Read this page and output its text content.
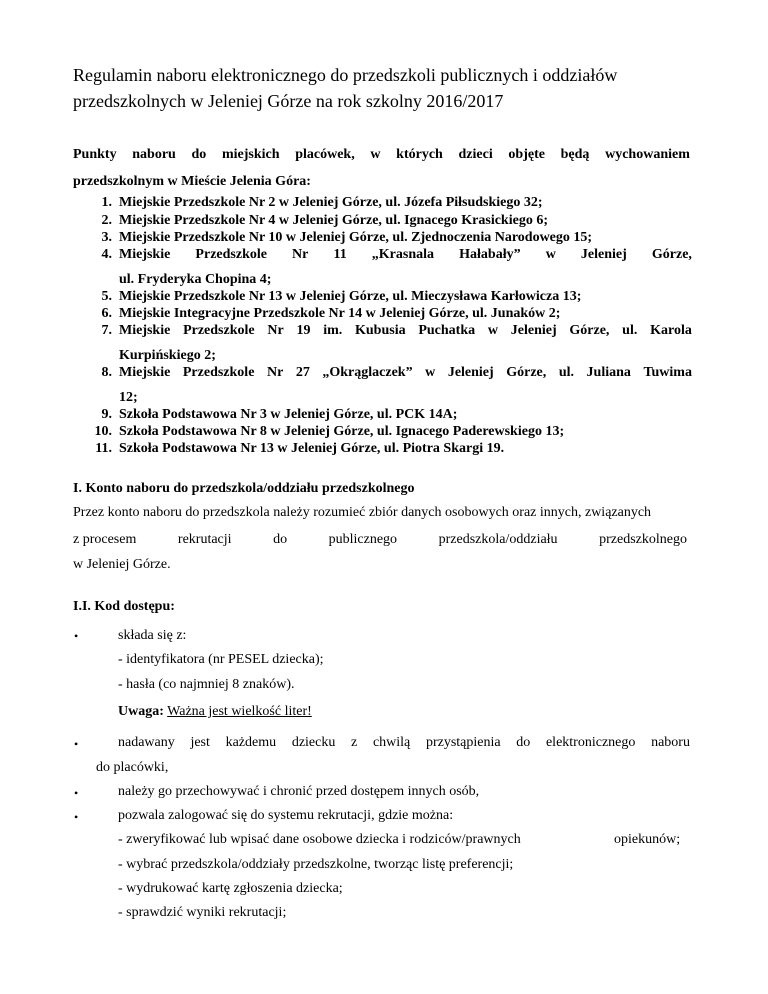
Regulamin naboru elektronicznego do przedszkoli publicznych i oddziałów
przedszkolnych w Jeleniej Górze na rok szkolny 2016/2017
Punkty naboru do miejskich placówek, w których dzieci objęte będą wychowaniem
przedszkolnym w Mieście Jelenia Góra:
1. Miejskie Przedszkole Nr 2 w Jeleniej Górze, ul. Józefa Piłsudskiego 32;
2. Miejskie Przedszkole Nr 4 w Jeleniej Górze, ul. Ignacego Krasickiego 6;
3. Miejskie Przedszkole Nr 10 w Jeleniej Górze, ul. Zjednoczenia Narodowego 15;
4. Miejskie Przedszkole Nr 11 „Krasnala Hałabały” w Jeleniej Górze,
ul. Fryderyka Chopina 4;
5. Miejskie Przedszkole Nr 13 w Jeleniej Górze, ul. Mieczysława Karłowicza 13;
6. Miejskie Integracyjne Przedszkole Nr 14 w Jeleniej Górze, ul. Junaków 2;
7. Miejskie Przedszkole Nr 19 im. Kubusia Puchatka w Jeleniej Górze, ul. Karola
Kurpińskiego 2;
8. Miejskie Przedszkole Nr 27 „Okrąglaczek” w Jeleniej Górze, ul. Juliana Tuwima
12;
9. Szkoła Podstawowa Nr 3 w Jeleniej Górze, ul. PCK 14A;
10. Szkoła Podstawowa Nr 8 w Jeleniej Górze, ul. Ignacego Paderewskiego 13;
11. Szkoła Podstawowa Nr 13 w Jeleniej Górze, ul. Piotra Skargi 19.
I. Konto naboru do przedszkola/oddziału przedszkolnego
Przez konto naboru do przedszkola należy rozumieć zbiór danych osobowych oraz innych, związanych
z procesem	rekrutacji	do	publicznego	przedszkola/oddziału	przedszkolnego
w Jeleniej Górze.
I.I. Kod dostępu:
•	składa się z:
- identyfikatora (nr PESEL dziecka);
- hasła (co najmniej 8 znaków).
Uwaga: Ważna jest wielkość liter!
•	nadawany jest każdemu dziecku z chwilą przystąpienia do elektronicznego naboru
do placówki,
•	należy go przechowywać i chronić przed dostępem innych osób,
•	pozwala zalogować się do systemu rekrutacji, gdzie można:
- zweryfikować lub wpisać dane osobowe dziecka i rodziców/prawnych	opiekunów;
- wybrać przedszkola/oddziały przedszkolne, tworząc listę preferencji;
- wydrukować kartę zgłoszenia dziecka;
- sprawdzić wyniki rekrutacji;
